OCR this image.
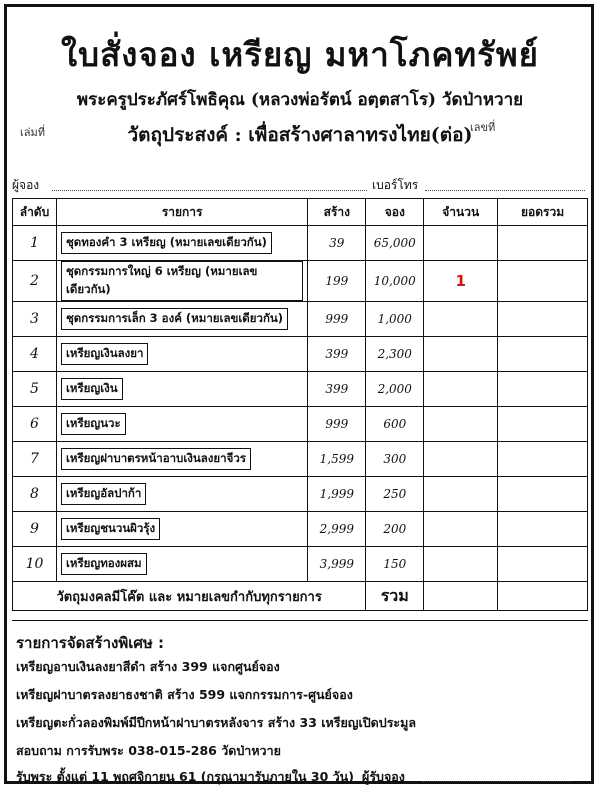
ใบสั่งจอง เหรียญ มหาโภคทรัพย์
พระครูประภัศร์โพธิคุณ (หลวงพ่อรัตน์ อตฺตสาโร) วัดป่าหวาย
เล่มที่	วัตถุประสงค์ : เพื่อสร้างศาลาทรงไทย(ต่อ)
เลขที่
ผู้จอง	เบอร์โทร
ลำดับ	รายการ	สร้าง	จอง	จำนวน	ยอดรวม
1	ชุดทองคำ 3 เหรียญ (หมายเลขเดียวกัน)	39	65,000		
2	ชุดกรรมการใหญ่ 6 เหรียญ (หมายเลขเดียวกัน)	199	10,000	1	
3	ชุดกรรมการเล็ก 3 องค์ (หมายเลขเดียวกัน)	999	1,000		
4	เหรียญเงินลงยา	399	2,300		
5	เหรียญเงิน	399	2,000		
6	เหรียญนวะ	999	600		
7	เหรียญฝาบาตรหน้าอาบเงินลงยาจีวร	1,599	300		
8	เหรียญอัลปาก้า	1,999	250		
9	เหรียญชนวนผิวรุ้ง	2,999	200		
10	เหรียญทองผสม	3,999	150		
วัตถุมงคลมีโค๊ต และ หมายเลขกำกับทุกรายการ			รวม		
รายการจัดสร้างพิเศษ :
เหรียญอาบเงินลงยาสีดำ สร้าง 399 แจกศูนย์จอง
เหรียญฝาบาตรลงยาธงชาติ สร้าง 599 แจกกรรมการ-ศูนย์จอง
เหรียญตะกั่วลองพิมพ์มีปีกหน้าฝาบาตรหลังจาร สร้าง 33 เหรียญเปิดประมูล
สอบถาม การรับพระ 038-015-286 วัดป่าหวาย
รับพระ ตั้งแต่ 11 พฤศจิกายน 61 (กรุณามารับภายใน 30 วัน) ผู้รับจอง
